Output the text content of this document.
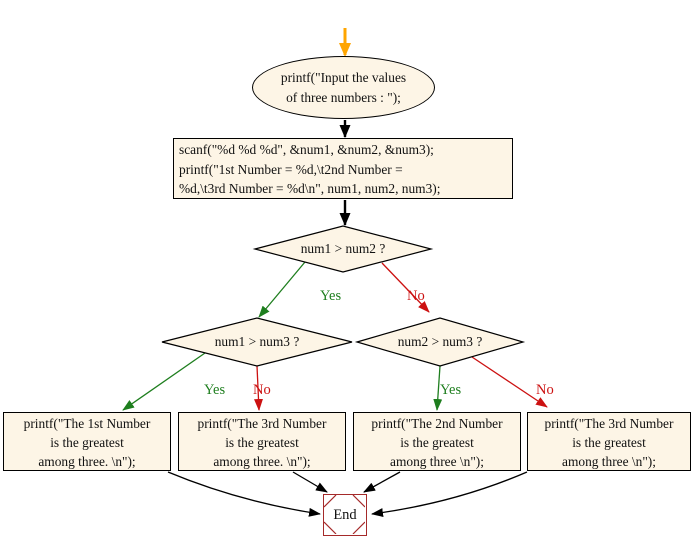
printf("Input the values
of three numbers : ");
scanf("%d %d %d", &num1, &num2, &num3);
printf("1st Number = %d,\t2nd Number =
%d,\t3rd Number = %d\n", num1, num2, num3);
num1 > num2 ?
num1 > num3 ?	num2 > num3 ?
Yes	No
Yes No	Yes	No
printf("The 1st Number
is the greatest
among three. \n");
printf("The 3rd Number
is the greatest
among three. \n");
printf("The 2nd Number
is the greatest
among three \n");
printf("The 3rd Number
is the greatest
among three \n");
End
